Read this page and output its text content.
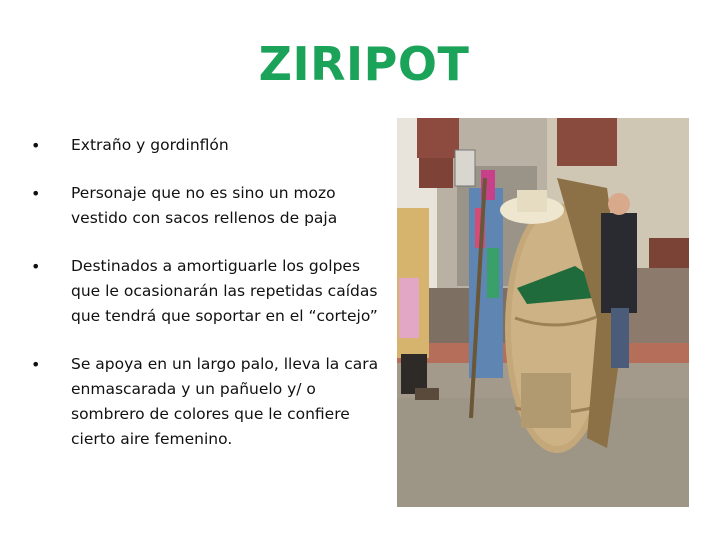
ZIRIPOT
• Extraño y gordinflón
• Personaje que no es sino un mozo vestido con sacos rellenos de paja
• Destinados a amortiguarle los golpes que le ocasionarán las repetidas caídas que tendrá que soportar en el “cortejo”
• Se apoya en un largo palo, lleva la cara enmascarada y un pañuelo y/ o sombrero de colores que le confiere cierto aire femenino.
